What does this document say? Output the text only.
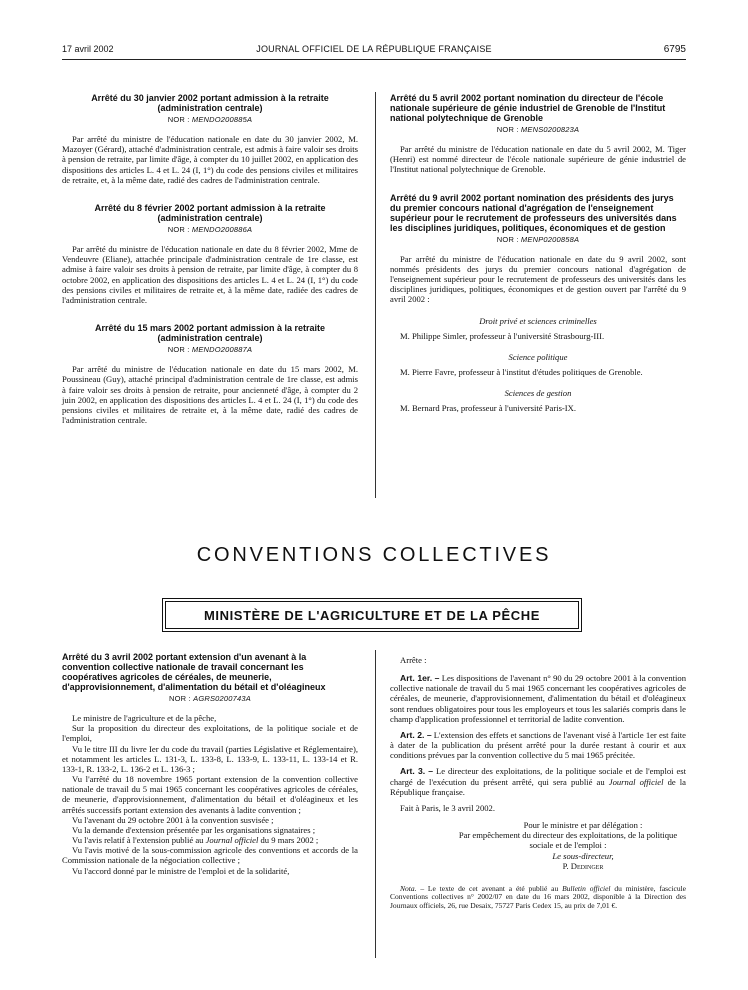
17 avril 2002	JOURNAL OFFICIEL DE LA RÉPUBLIQUE FRANÇAISE	6795
Arrêté du 30 janvier 2002 portant admission à la retraite (administration centrale)
NOR : MENDO200885A

Par arrêté du ministre de l'éducation nationale en date du 30 janvier 2002, M. Mazoyer (Gérard), attaché d'administration centrale, est admis à faire valoir ses droits à pension de retraite, par limite d'âge, à compter du 10 juillet 2002, en application des dispositions des articles L. 4 et L. 24 (I, 1°) du code des pensions civiles et militaires de retraite, et, à la même date, radié des cadres de l'administration centrale.

Arrêté du 8 février 2002 portant admission à la retraite (administration centrale)
NOR : MENDO200886A

Par arrêté du ministre de l'éducation nationale en date du 8 février 2002, Mme de Vendeuvre (Eliane), attachée principale d'administration centrale de 1re classe, est admise à faire valoir ses droits à pension de retraite, par limite d'âge, à compter du 8 octobre 2002, en application des dispositions des articles L. 4 et L. 24 (I, 1°) du code des pensions civiles et militaires de retraite et, à la même date, radiée des cadres de l'administration centrale.

Arrêté du 15 mars 2002 portant admission à la retraite (administration centrale)
NOR : MENDO200887A

Par arrêté du ministre de l'éducation nationale en date du 15 mars 2002, M. Poussineau (Guy), attaché principal d'administration centrale de 1re classe, est admis à faire valoir ses droits à pension de retraite, pour ancienneté d'âge, à compter du 2 juin 2002, en application des dispositions des articles L. 4 et L. 24 (I, 1°) du code des pensions civiles et militaires de retraite et, à la même date, radié des cadres de l'administration centrale.

Arrêté du 5 avril 2002 portant nomination du directeur de l'école nationale supérieure de génie industriel de Grenoble de l'Institut national polytechnique de Grenoble
NOR : MENS0200823A

Par arrêté du ministre de l'éducation nationale en date du 5 avril 2002, M. Tiger (Henri) est nommé directeur de l'école nationale supérieure de génie industriel de l'Institut national polytechnique de Grenoble.

Arrêté du 9 avril 2002 portant nomination des présidents des jurys du premier concours national d'agrégation de l'enseignement supérieur pour le recrutement de professeurs des universités dans les disciplines juridiques, politiques, économiques et de gestion
NOR : MENP0200858A

Par arrêté du ministre de l'éducation nationale en date du 9 avril 2002, sont nommés présidents des jurys du premier concours national d'agrégation de l'enseignement supérieur pour le recrutement de professeurs des universités dans les disciplines juridiques, politiques, économiques et de gestion ouvert par l'arrêté du 9 avril 2002 :

Droit privé et sciences criminelles

M. Philippe Simler, professeur à l'université Strasbourg-III.

Science politique

M. Pierre Favre, professeur à l'institut d'études politiques de Grenoble.

Sciences de gestion

M. Bernard Pras, professeur à l'université Paris-IX.

CONVENTIONS COLLECTIVES
MINISTÈRE DE L'AGRICULTURE ET DE LA PÊCHE
Arrêté du 3 avril 2002 portant extension d'un avenant à la convention collective nationale de travail concernant les coopératives agricoles de céréales, de meunerie, d'approvisionnement, d'alimentation du bétail et d'oléagineux
NOR : AGRS0200743A

Le ministre de l'agriculture et de la pêche,

Sur la proposition du directeur des exploitations, de la politique sociale et de l'emploi,

Vu le titre III du livre Ier du code du travail (parties Législative et Réglementaire), et notamment les articles L. 131-3, L. 133-8, L. 133-9, L. 133-11, L. 133-14 et R. 133-1, R. 133-2, L. 136-2 et L. 136-3 ;

Vu l'arrêté du 18 novembre 1965 portant extension de la convention collective nationale de travail du 5 mai 1965 concernant les coopératives agricoles de céréales, de meunerie, d'approvisionnement, d'alimentation du bétail et d'oléagineux et les arrêtés successifs portant extension des avenants à ladite convention ;

Vu l'avenant du 29 octobre 2001 à la convention susvisée ;

Vu la demande d'extension présentée par les organisations signataires ;

Vu l'avis relatif à l'extension publié au Journal officiel du 9 mars 2002 ;

Vu l'avis motivé de la sous-commission agricole des conventions et accords de la Commission nationale de la négociation collective ;

Vu l'accord donné par le ministre de l'emploi et de la solidarité,

Arrête :

Art. 1er. – Les dispositions de l'avenant n° 90 du 29 octobre 2001 à la convention collective nationale de travail du 5 mai 1965 concernant les coopératives agricoles de céréales, de meunerie, d'approvisionnement, d'alimentation du bétail et d'oléagineux sont rendues obligatoires pour tous les employeurs et tous les salariés compris dans le champ d'application professionnel et territorial de ladite convention.

Art. 2. – L'extension des effets et sanctions de l'avenant visé à l'article 1er est faite à dater de la publication du présent arrêté pour la durée restant à courir et aux conditions prévues par la convention collective du 5 mai 1965 précitée.

Art. 3. – Le directeur des exploitations, de la politique sociale et de l'emploi est chargé de l'exécution du présent arrêté, qui sera publié au Journal officiel de la République française.

Fait à Paris, le 3 avril 2002.

Pour le ministre et par délégation :

Par empêchement du directeur des exploitations, de la politique sociale et de l'emploi :

Le sous-directeur,

P. Dedinger

Nota. – Le texte de cet avenant a été publié au Bulletin officiel du ministère, fascicule Conventions collectives n° 2002/07 en date du 16 mars 2002, disponible à la Direction des Journaux officiels, 26, rue Desaix, 75727 Paris Cedex 15, au prix de 7,01 €.
